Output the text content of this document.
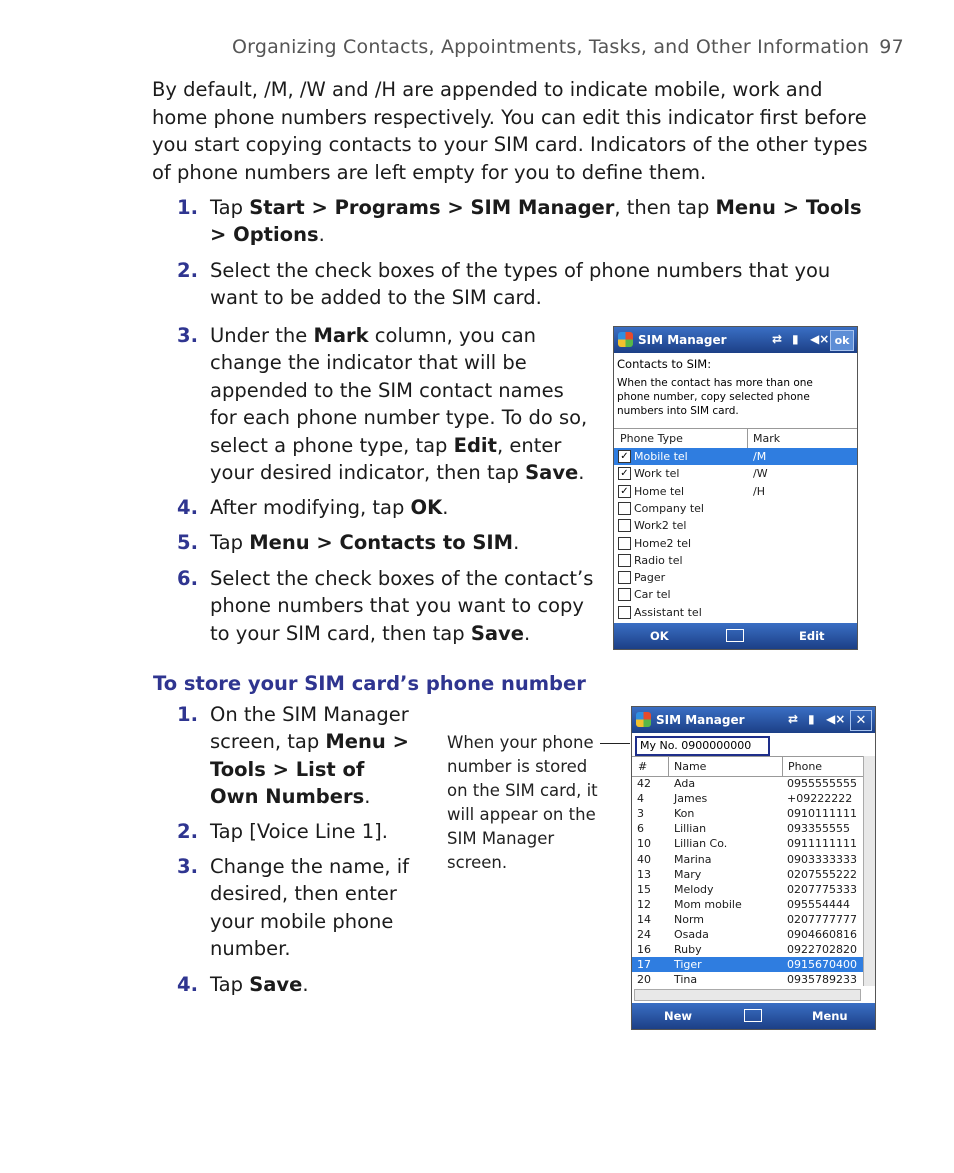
Organizing Contacts, Appointments, Tasks, and Other Information 97

By default, /M, /W and /H are appended to indicate mobile, work and home phone numbers respectively. You can edit this indicator first before you start copying contacts to your SIM card. Indicators of the other types of phone numbers are left empty for you to define them.

1. Tap Start > Programs > SIM Manager, then tap Menu > Tools > Options.
2. Select the check boxes of the types of phone numbers that you want to be added to the SIM card.
3. Under the Mark column, you can change the indicator that will be appended to the SIM contact names for each phone number type. To do so, select a phone type, tap Edit, enter your desired indicator, then tap Save.
4. After modifying, tap OK.
5. Tap Menu > Contacts to SIM.
6. Select the check boxes of the contact’s phone numbers that you want to copy to your SIM card, then tap Save.
To store your SIM card’s phone number
1. On the SIM Manager screen, tap Menu > Tools > List of Own Numbers.
2. Tap [Voice Line 1].
3. Change the name, if desired, then enter your mobile phone number.
4. Tap Save.
When your phone number is stored on the SIM card, it will appear on the SIM Manager screen.
SIM Manager	⇄ ▮ ◀× ok
Contacts to SIM:
When the contact has more than one
phone number, copy selected phone
numbers into SIM card.
Phone Type	Mark
✓ Mobile tel	/M
✓ Work tel	/W
✓ Home tel	/H
Company tel
Work2 tel
Home2 tel
Radio tel
Pager
Car tel
Assistant tel
OK	Edit
SIM Manager	⇄ ▮ ◀× ✕
My No. 0900000000
# Name	Phone
42 Ada	0955555555
4	James	+09222222
3	Kon	0910111111
6	Lillian	093355555
10 Lillian Co.	0911111111
40 Marina	0903333333
13 Mary	0207555222
15 Melody	0207775333
12 Mom mobile	095554444
14 Norm	0207777777
24 Osada	0904660816
16 Ruby	0922702820
17 Tiger	0915670400
20 Tina	0935789233
New	Menu
